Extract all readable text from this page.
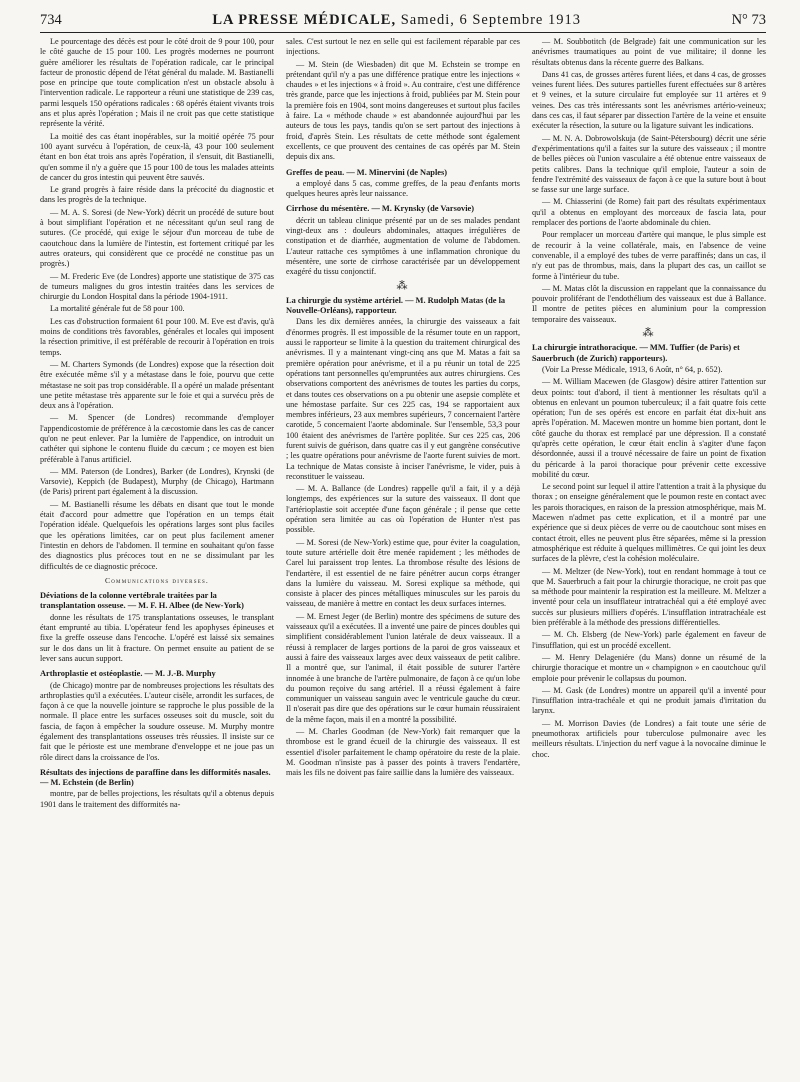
734	LA PRESSE MÉDICALE, Samedi, 6 Septembre 1913	N° 73

Le pourcentage des décès est pour le côté droit de 9 pour 100, pour le côté gauche de 15 pour 100. Les progrès modernes ne pourront guère améliorer les résultats de l'opération radicale, car le principal facteur de pronostic dépend de l'état général du malade. M. Bastianelli pose en principe que toute complication n'est un obstacle absolu à l'intervention radicale. Le rapporteur a réuni une statistique de 239 cas, parmi lesquels 150 opérations radicales : 68 opérés étaient vivants trois ans et plus après l'opération ; Mais il ne croit pas que cette statistique représente la vérité.

La moitié des cas étant inopérables, sur la moitié opérée 75 pour 100 ayant survécu à l'opération, de ceux-là, 43 pour 100 seulement étant en bon état trois ans après l'opération, il s'ensuit, dit Bastianelli, qu'en somme il n'y a guère que 15 pour 100 de tous les malades atteints de cancer du gros intestin qui peuvent être sauvés.

Le grand progrès à faire réside dans la précocité du diagnostic et dans les progrès de la technique.

— M. A. S. Soresi (de New-York) décrit un procédé de suture bout à bout simplifiant l'opération et ne nécessitant qu'un seul rang de sutures. (Ce procédé, qui exige le séjour d'un morceau de tube de caoutchouc dans la lumière de l'intestin, est fortement critiqué par les autres orateurs, qui considèrent que ce procédé ne constitue pas un progrès.)

— M. Frederic Eve (de Londres) apporte une statistique de 375 cas de tumeurs malignes du gros intestin traitées dans les services de chirurgie du London Hospital dans la période 1904-1911.

La mortalité générale fut de 58 pour 100.

Les cas d'obstruction formaient 61 pour 100. M. Eve est d'avis, qu'à moins de conditions très favorables, générales et locales qui imposent la résection primitive, il est préférable de recourir à l'opération en trois temps.

— M. Charters Symonds (de Londres) expose que la résection doit être exécutée même s'il y a métastase dans le foie, pourvu que cette métastase ne soit pas trop considérable. Il a opéré un malade présentant une petite métastase très apparente sur le foie et qui a survécu près de deux ans à l'opération.

— M. Spencer (de Londres) recommande d'employer l'appendicostomie de préférence à la cæcostomie dans les cas de cancer qu'on ne peut enlever. Par la lumière de l'appendice, on introduit un cathéter qui siphone le contenu fluide du cæcum ; ce moyen est bien préférable à l'anus artificiel.

— MM. Paterson (de Londres), Barker (de Londres), Krynski (de Varsovie), Keppich (de Budapest), Murphy (de Chicago), Hartmann (de Paris) prirent part également à la discussion.

— M. Bastianelli résume les débats en disant que tout le monde était d'accord pour admettre que l'opération en un temps était l'opération idéale. Quelquefois les opérations larges sont plus faciles que les opérations limitées, car on peut plus facilement amener l'intestin en dehors de l'abdomen. Il termine en souhaitant qu'on fasse des diagnostics plus précoces tout en ne se dissimulant par les difficultés de ce diagnostic précoce.

Communications diverses.
Déviations de la colonne vertébrale traitées par la transplantation osseuse. — M. F. H. Albee (de New-York)

donne les résultats de 175 transplantations osseuses, le transplant étant emprunté au tibia. L'opérateur fend les apophyses épineuses et fixe la greffe osseuse dans l'encoche. L'opéré est laissé six semaines sur le dos dans un lit à fracture. On permet ensuite au patient de se lever sans aucun support.

Arthroplastie et ostéoplastie. — M. J.-B. Murphy

(de Chicago) montre par de nombreuses projections les résultats des arthroplasties qu'il a exécutées. L'auteur cisèle, arrondit les surfaces, de façon à ce que la nouvelle jointure se rapproche le plus possible de la normale. Il place entre les surfaces osseuses soit du muscle, soit du fascia, de façon à empêcher la soudure osseuse. M. Murphy montre également des transplantations osseuses très réussies. Il insiste sur ce fait que le périoste est une membrane d'enveloppe et ne joue pas un rôle direct dans la croissance de l'os.

Résultats des injections de paraffine dans les difformités nasales. — M. Echstein (de Berlin)

montre, par de belles projections, les résultats qu'il a obtenus depuis 1901 dans le traitement des difformités na-

sales. C'est surtout le nez en selle qui est facilement réparable par ces injections.

— M. Stein (de Wiesbaden) dit que M. Echstein se trompe en prétendant qu'il n'y a pas une différence pratique entre les injections « chaudes » et les injections « à froid ». Au contraire, c'est une différence très grande, parce que les injections à froid, publiées par M. Stein pour la première fois en 1904, sont moins dangereuses et surtout plus faciles à faire. La « méthode chaude » est abandonnée aujourd'hui par les auteurs de tous les pays, tandis qu'on se sert partout des injections à froid, d'après Stein. Les résultats de cette méthode sont également excellents, ce que prouvent des centaines de cas opérés par M. Stein depuis dix ans.

Greffes de peau. — M. Minervini (de Naples)

a employé dans 5 cas, comme greffes, de la peau d'enfants morts quelques heures après leur naissance.

Cirrhose du mésentère. — M. Krynsky (de Varsovie)

décrit un tableau clinique présenté par un de ses malades pendant vingt-deux ans : douleurs abdominales, attaques irrégulières de constipation et de diarrhée, augmentation de volume de l'abdomen. L'auteur rattache ces symptômes à une inflammation chronique du mésentère, une sorte de cirrhose caractérisée par un développement exagéré du tissu conjonctif.

⁂
La chirurgie du système artériel. — M. Rudolph Matas (de la Nouvelle-Orléans), rapporteur.

Dans les dix dernières années, la chirurgie des vaisseaux a fait d'énormes progrès. Il est impossible de la résumer toute en un rapport, aussi le rapporteur se limite à la question du traitement chirurgical des anévrismes. Il y a maintenant vingt-cinq ans que M. Matas a fait sa première opération pour anévrisme, et il a pu réunir un total de 225 opérations tant personnelles qu'empruntées aux autres chirurgiens. Ces observations comportent des anévrismes de toutes les parties du corps, et dans toutes ces observations on a pu obtenir une asepsie complète et une hémostase parfaite. Sur ces 225 cas, 194 se rapportaient aux membres inférieurs, 23 aux membres supérieurs, 7 concernaient l'artère carotide, 5 concernaient l'aorte abdominale. Sur l'ensemble, 53,3 pour 100 étaient des anévrismes de l'artère poplitée. Sur ces 225 cas, 206 furent suivis de guérison, dans quatre cas il y eut gangrène consécutive ; les quatre opérations pour anévrisme de l'aorte furent suivies de mort. La technique de Matas consiste à inciser l'anévrisme, le vider, puis à reconstituer le vaisseau.

— M. A. Ballance (de Londres) rappelle qu'il a fait, il y a déjà longtemps, des expériences sur la suture des vaisseaux. Il dont que l'artérioplastie soit acceptée d'une façon générale ; il pense que cette opération sera limitée au cas où l'opération de Hunter n'est pas possible.

— M. Soresi (de New-York) estime que, pour éviter la coagulation, toute suture artérielle doit être menée rapidement ; les méthodes de Carel lui paraissent trop lentes. La thrombose résulte des lésions de l'endartère, il est essentiel de ne faire pénétrer aucun corps étranger dans la lumière du vaisseau. M. Soresi explique sa méthode, qui consiste à placer des pinces métalliques minuscules sur les parois du vaisseau, de manière à mettre en contact les deux surfaces internes.

— M. Ernest Jeger (de Berlin) montre des spécimens de suture des vaisseaux qu'il a exécutées. Il a inventé une paire de pinces doubles qui simplifient considérablement l'union latérale de deux vaisseaux. Il a réussi à remplacer de larges portions de la paroi de gros vaisseaux et aussi à faire des vaisseaux larges avec deux vaisseaux de petit calibre. Il a montré que, sur l'animal, il était possible de suturer l'artère innomée à une branche de l'artère pulmonaire, de façon à ce qu'un lobe du poumon reçoive du sang artériel. Il a réussi également à faire communiquer un vaisseau sanguin avec le ventricule gauche du cœur. Il n'oserait pas dire que des opérations sur le cœur humain réussiraient de la même façon, mais il en a montré la possibilité.

— M. Charles Goodman (de New-York) fait remarquer que la thrombose est le grand écueil de la chirurgie des vaisseaux. Il est essentiel d'isoler parfaitement le champ opératoire du reste de la plaie. M. Goodman n'insiste pas à passer des points à travers l'endartère, mais les fils ne doivent pas faire saillie dans la lumière des vaisseaux.

— M. Soubbotitch (de Belgrade) fait une communication sur les anévrismes traumatiques au point de vue militaire; il donne les résultats obtenus dans la récente guerre des Balkans.

Dans 41 cas, de grosses artères furent liées, et dans 4 cas, de grosses veines furent liées. Des sutures partielles furent effectuées sur 8 artères et 9 veines, et la suture circulaire fut employée sur 11 artères et 9 veines. Des cas très intéressants sont les anévrismes artério-veineux; dans ces cas, il faut séparer par dissection l'artère de la veine et ensuite exécuter la résection, la suture ou la ligature suivant les indications.

— M. N. A. Dobrowolskuja (de Saint-Pétersbourg) décrit une série d'expérimentations qu'il a faites sur la suture des vaisseaux ; il montre de belles pièces où l'union vasculaire a été obtenue entre vaisseaux de petits calibres. Dans la technique qu'il emploie, l'auteur a soin de fendre l'extrémité des vaisseaux de façon à ce que la suture bout à bout se fasse sur une large surface.

— M. Chiasserini (de Rome) fait part des résultats expérimentaux qu'il a obtenus en employant des morceaux de fascia lata, pour remplacer des portions de l'aorte abdominale du chien.

Pour remplacer un morceau d'artère qui manque, le plus simple est de recourir à la veine collatérale, mais, en l'absence de veine convenable, il a employé des tubes de verre paraffinés; dans un cas, il n'y eut pas de thrombus, mais, dans la plupart des cas, un caillot se forme à l'intérieur du tube.

— M. Matas clôt la discussion en rappelant que la connaissance du pouvoir proliférant de l'endothélium des vaisseaux est due à Ballance. Il montre de petites pièces en aluminium pour la compression temporaire des vaisseaux.

⁂
La chirurgie intrathoracique. — MM. Tuffier (de Paris) et Sauerbruch (de Zurich) rapporteurs).

(Voir La Presse Médicale, 1913, 6 Août, n° 64, p. 652).

— M. William Macewen (de Glasgow) désire attirer l'attention sur deux points: tout d'abord, il tient à mentionner les résultats qu'il a obtenus en enlevant un poumon tuberculeux; il a fait quatre fois cette opération; l'un de ses opérés est encore en parfait état dix-huit ans après l'opération. M. Macewen montre un homme bien portant, dont le côté gauche du thorax est remplacé par une dépression. Il a constaté qu'après cette opération, le cœur était enclin à s'agiter d'une façon désordonnée, aussi il a trouvé nécessaire de faire un point de fixation du péricarde à la paroi thoracique pour prévenir cette excessive mobilité du cœur.

Le second point sur lequel il attire l'attention a trait à la physique du thorax ; on enseigne généralement que le poumon reste en contact avec les parois thoraciques, en raison de la pression atmosphérique, mais M. Macewen n'admet pas cette explication, et il a montré par une expérience que si deux pièces de verre ou de caoutchouc sont mises en contact étroit, elles ne peuvent plus être séparées, même si la pression atmosphérique est réduite à quelques millimètres. Ce qui joint les deux surfaces de la plèvre, c'est la cohésion moléculaire.

— M. Meltzer (de New-York), tout en rendant hommage à tout ce que M. Sauerbruch a fait pour la chirurgie thoracique, ne croit pas que sa méthode pour maintenir la respiration est la meilleure. M. Meltzer a inventé pour cela un insufflateur intratrachéal qui a été employé avec succès sur plusieurs milliers d'opérés. L'insufflation intratrachéale est bien préférable à la méthode des pressions différentielles.

— M. Ch. Elsberg (de New-York) parle également en faveur de l'insufflation, qui est un procédé excellent.

— M. Henry Delageniére (du Mans) donne un résumé de la chirurgie thoracique et montre un « champignon » en caoutchouc qu'il emploie pour prévenir le collapsus du poumon.

— M. Gask (de Londres) montre un appareil qu'il a inventé pour l'insufflation intra-trachéale et qui ne produit jamais d'irritation du larynx.

— M. Morrison Davies (de Londres) a fait toute une série de pneumothorax artificiels pour tuberculose pulmonaire avec les meilleurs résultats. L'injection du nerf vague à la novocaïne diminue le choc.
